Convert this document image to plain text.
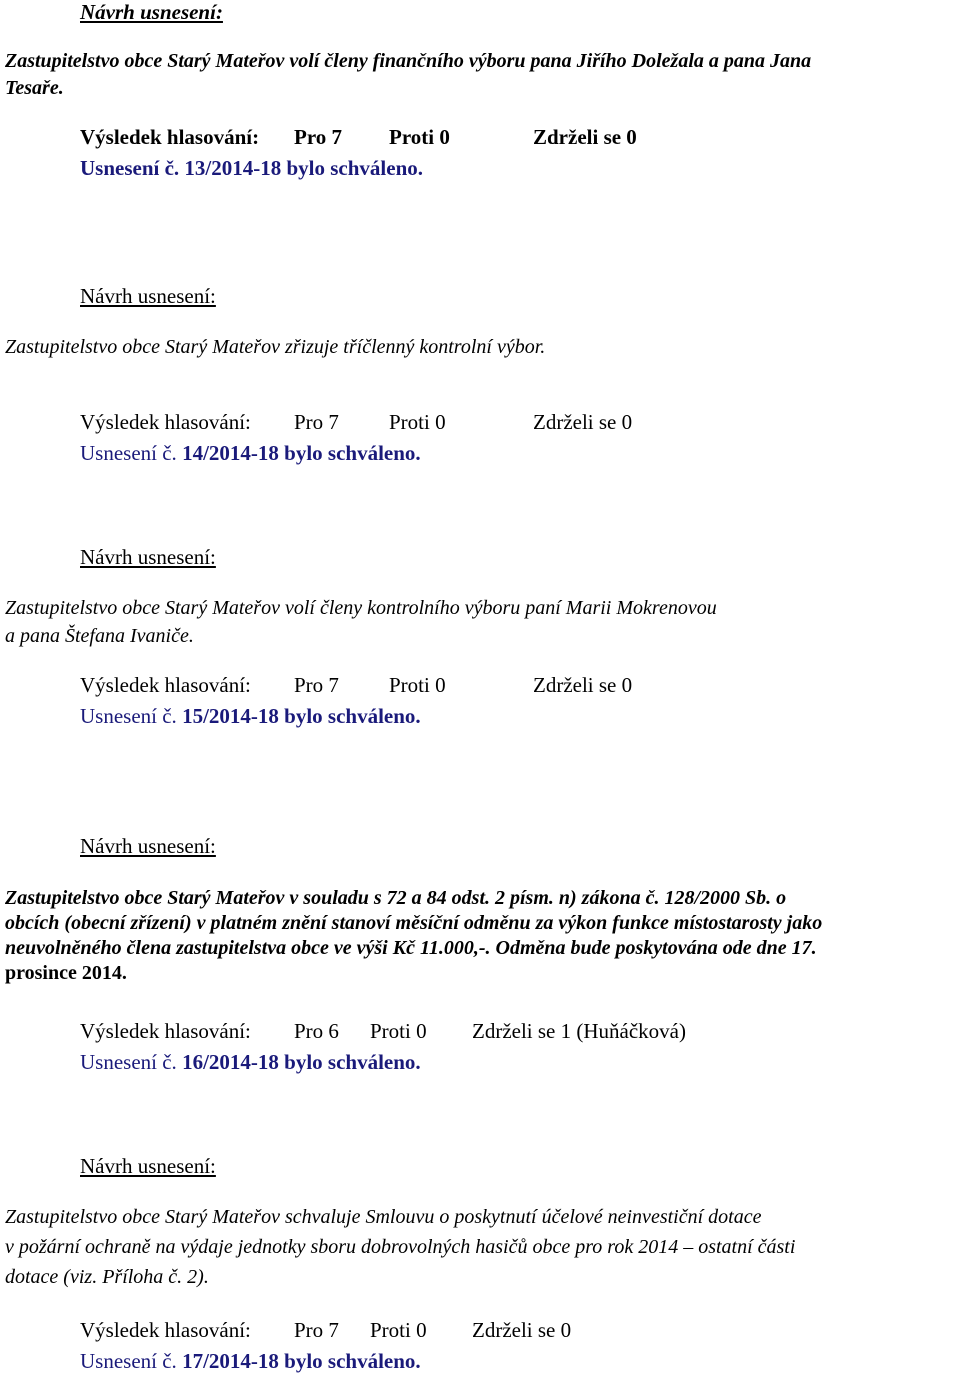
Návrh usnesení:
Zastupitelstvo obce Starý Mateřov volí členy finančního výboru pana Jiřího Doležala a pana Jana
Tesaře.
Výsledek hlasování: Pro 7 Proti 0	Zdrželi se 0
Usnesení č. 13/2014-18 bylo schváleno.
Návrh usnesení:
Zastupitelstvo obce Starý Mateřov zřizuje tříčlenný kontrolní výbor.
Výsledek hlasování: Pro 7 Proti 0	Zdrželi se 0
Usnesení č. 14/2014-18 bylo schváleno.
Návrh usnesení:
Zastupitelstvo obce Starý Mateřov volí členy kontrolního výboru paní Marii Mokrenovou
a pana Štefana Ivaniče.
Výsledek hlasování: Pro 7 Proti 0	Zdrželi se 0
Usnesení č. 15/2014-18 bylo schváleno.
Návrh usnesení:
Zastupitelstvo obce Starý Mateřov v souladu s 72 a 84 odst. 2 písm. n) zákona č. 128/2000 Sb. o
obcích (obecní zřízení) v platném znění stanoví měsíční odměnu za výkon funkce místostarosty jako
neuvolněného člena zastupitelstva obce ve výši Kč 11.000,-. Odměna bude poskytována ode dne 17.
prosince 2014.
Výsledek hlasování: Pro 6 Proti 0 Zdrželi se 1 (Huňáčková)
Usnesení č. 16/2014-18 bylo schváleno.
Návrh usnesení:
Zastupitelstvo obce Starý Mateřov schvaluje Smlouvu o poskytnutí účelové neinvestiční dotace
v požární ochraně na výdaje jednotky sboru dobrovolných hasičů obce pro rok 2014 – ostatní části
dotace (viz. Příloha č. 2).
Výsledek hlasování: Pro 7 Proti 0 Zdrželi se 0
Usnesení č. 17/2014-18 bylo schváleno.
